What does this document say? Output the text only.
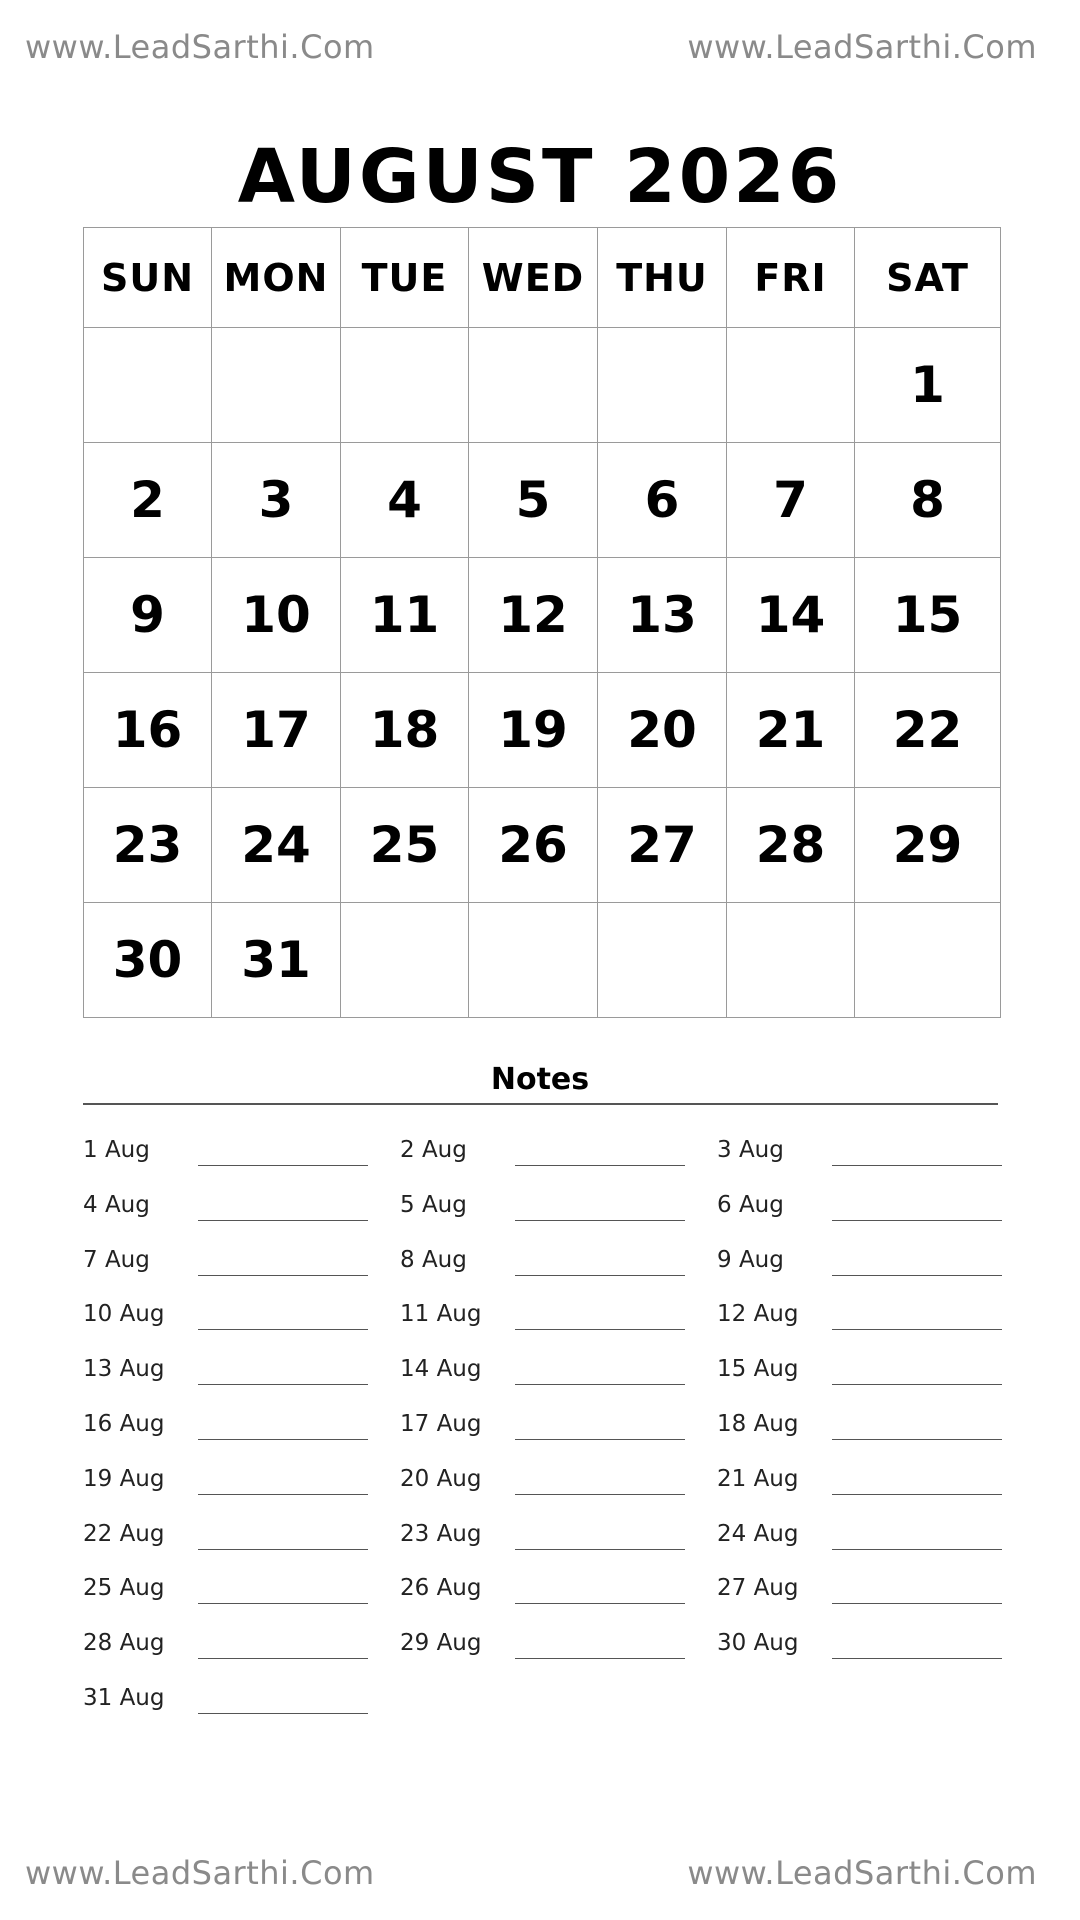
www.LeadSarthi.Com	www.LeadSarthi.Com
AUGUST 2026
SUN	MON	TUE	WED	THU	FRI	SAT
						1
2	3	4	5	6	7	8
9	10	11	12	13	14	15
16	17	18	19	20	21	22
23	24	25	26	27	28	29
30	31					
Notes
1 Aug	2 Aug	3 Aug
4 Aug	5 Aug	6 Aug
7 Aug	8 Aug	9 Aug
10 Aug	11 Aug	12 Aug
13 Aug	14 Aug	15 Aug
16 Aug	17 Aug	18 Aug
19 Aug	20 Aug	21 Aug
22 Aug	23 Aug	24 Aug
25 Aug	26 Aug	27 Aug
28 Aug	29 Aug	30 Aug
31 Aug
www.LeadSarthi.Com	www.LeadSarthi.Com
